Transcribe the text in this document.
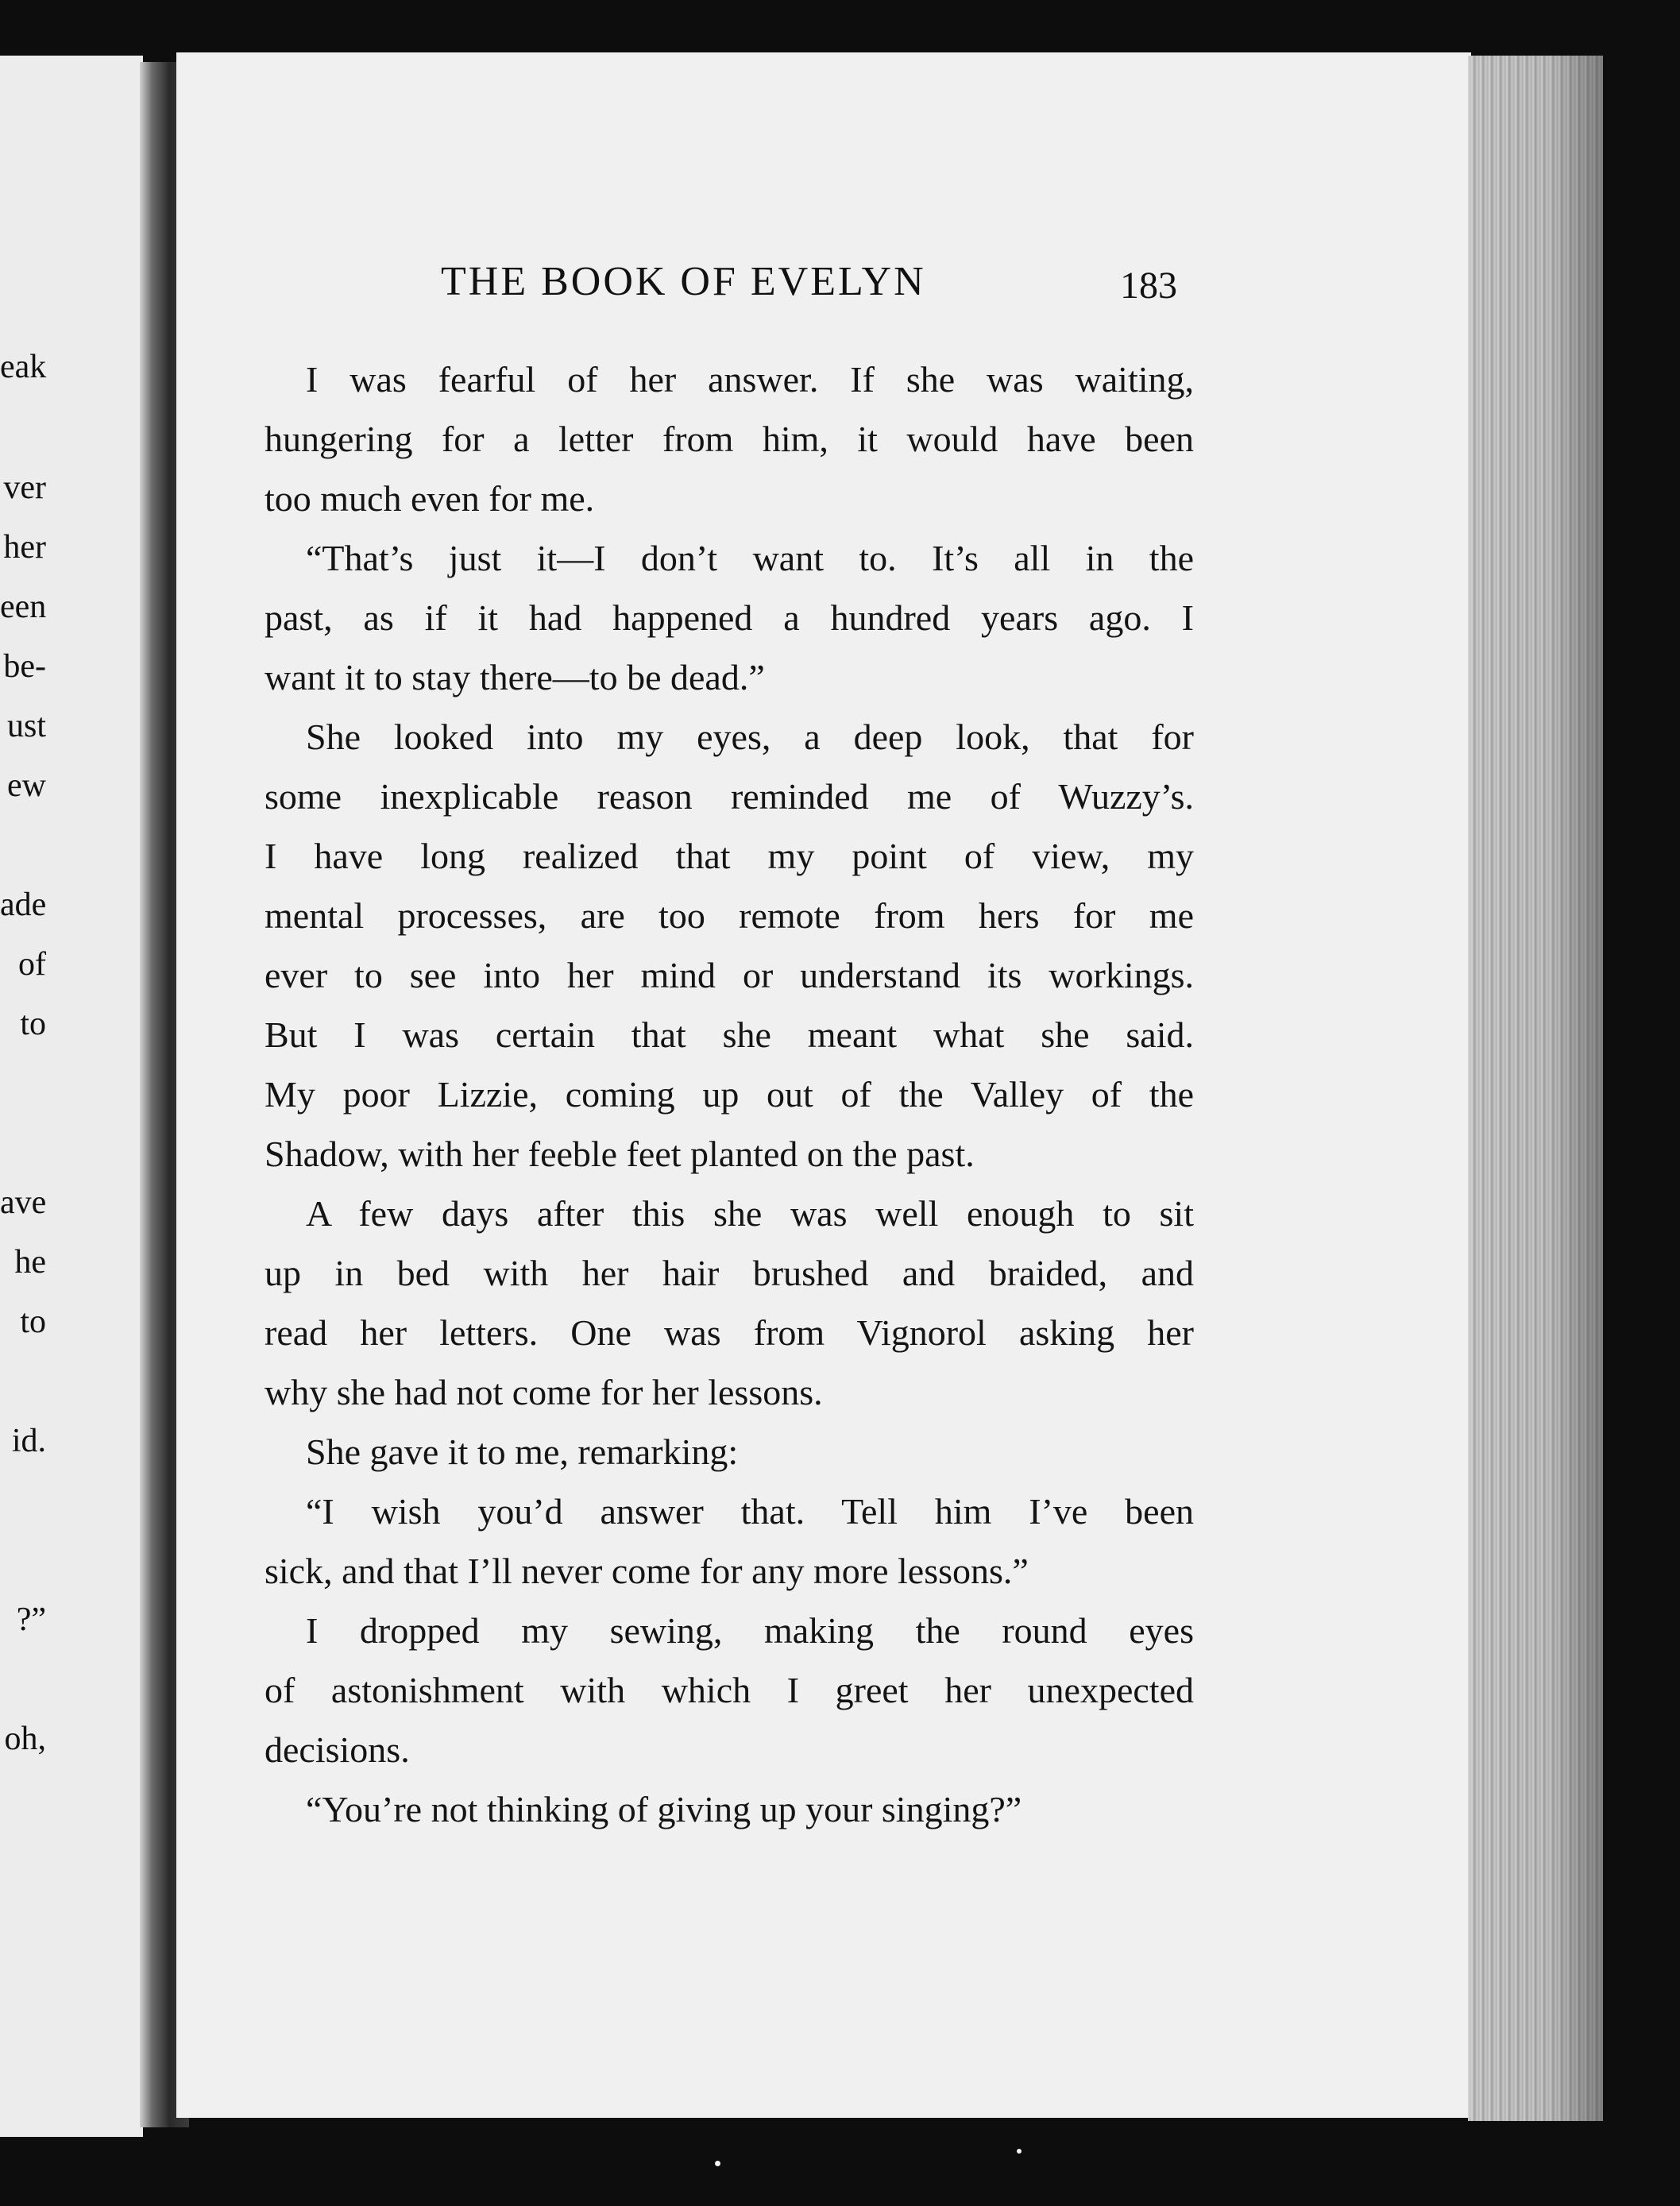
eak
ver
her
een
be-
ust
ew
ade
of
to
ave
he
to
id.
?”
oh,
THE BOOK OF EVELYN	183
I was fearful of her answer. If she was waiting,
hungering for a letter from him, it would have been
too much even for me.
“That’s just it—I don’t want to. It’s all in the
past, as if it had happened a hundred years ago. I
want it to stay there—to be dead.”
She looked into my eyes, a deep look, that for
some inexplicable reason reminded me of Wuzzy’s.
I have long realized that my point of view, my
mental processes, are too remote from hers for me
ever to see into her mind or understand its workings.
But I was certain that she meant what she said.
My poor Lizzie, coming up out of the Valley of the
Shadow, with her feeble feet planted on the past.
A few days after this she was well enough to sit
up in bed with her hair brushed and braided, and
read her letters. One was from Vignorol asking her
why she had not come for her lessons.
She gave it to me, remarking:
“I wish you’d answer that. Tell him I’ve been
sick, and that I’ll never come for any more lessons.”
I dropped my sewing, making the round eyes
of astonishment with which I greet her unexpected
decisions.
“You’re not thinking of giving up your singing?”
